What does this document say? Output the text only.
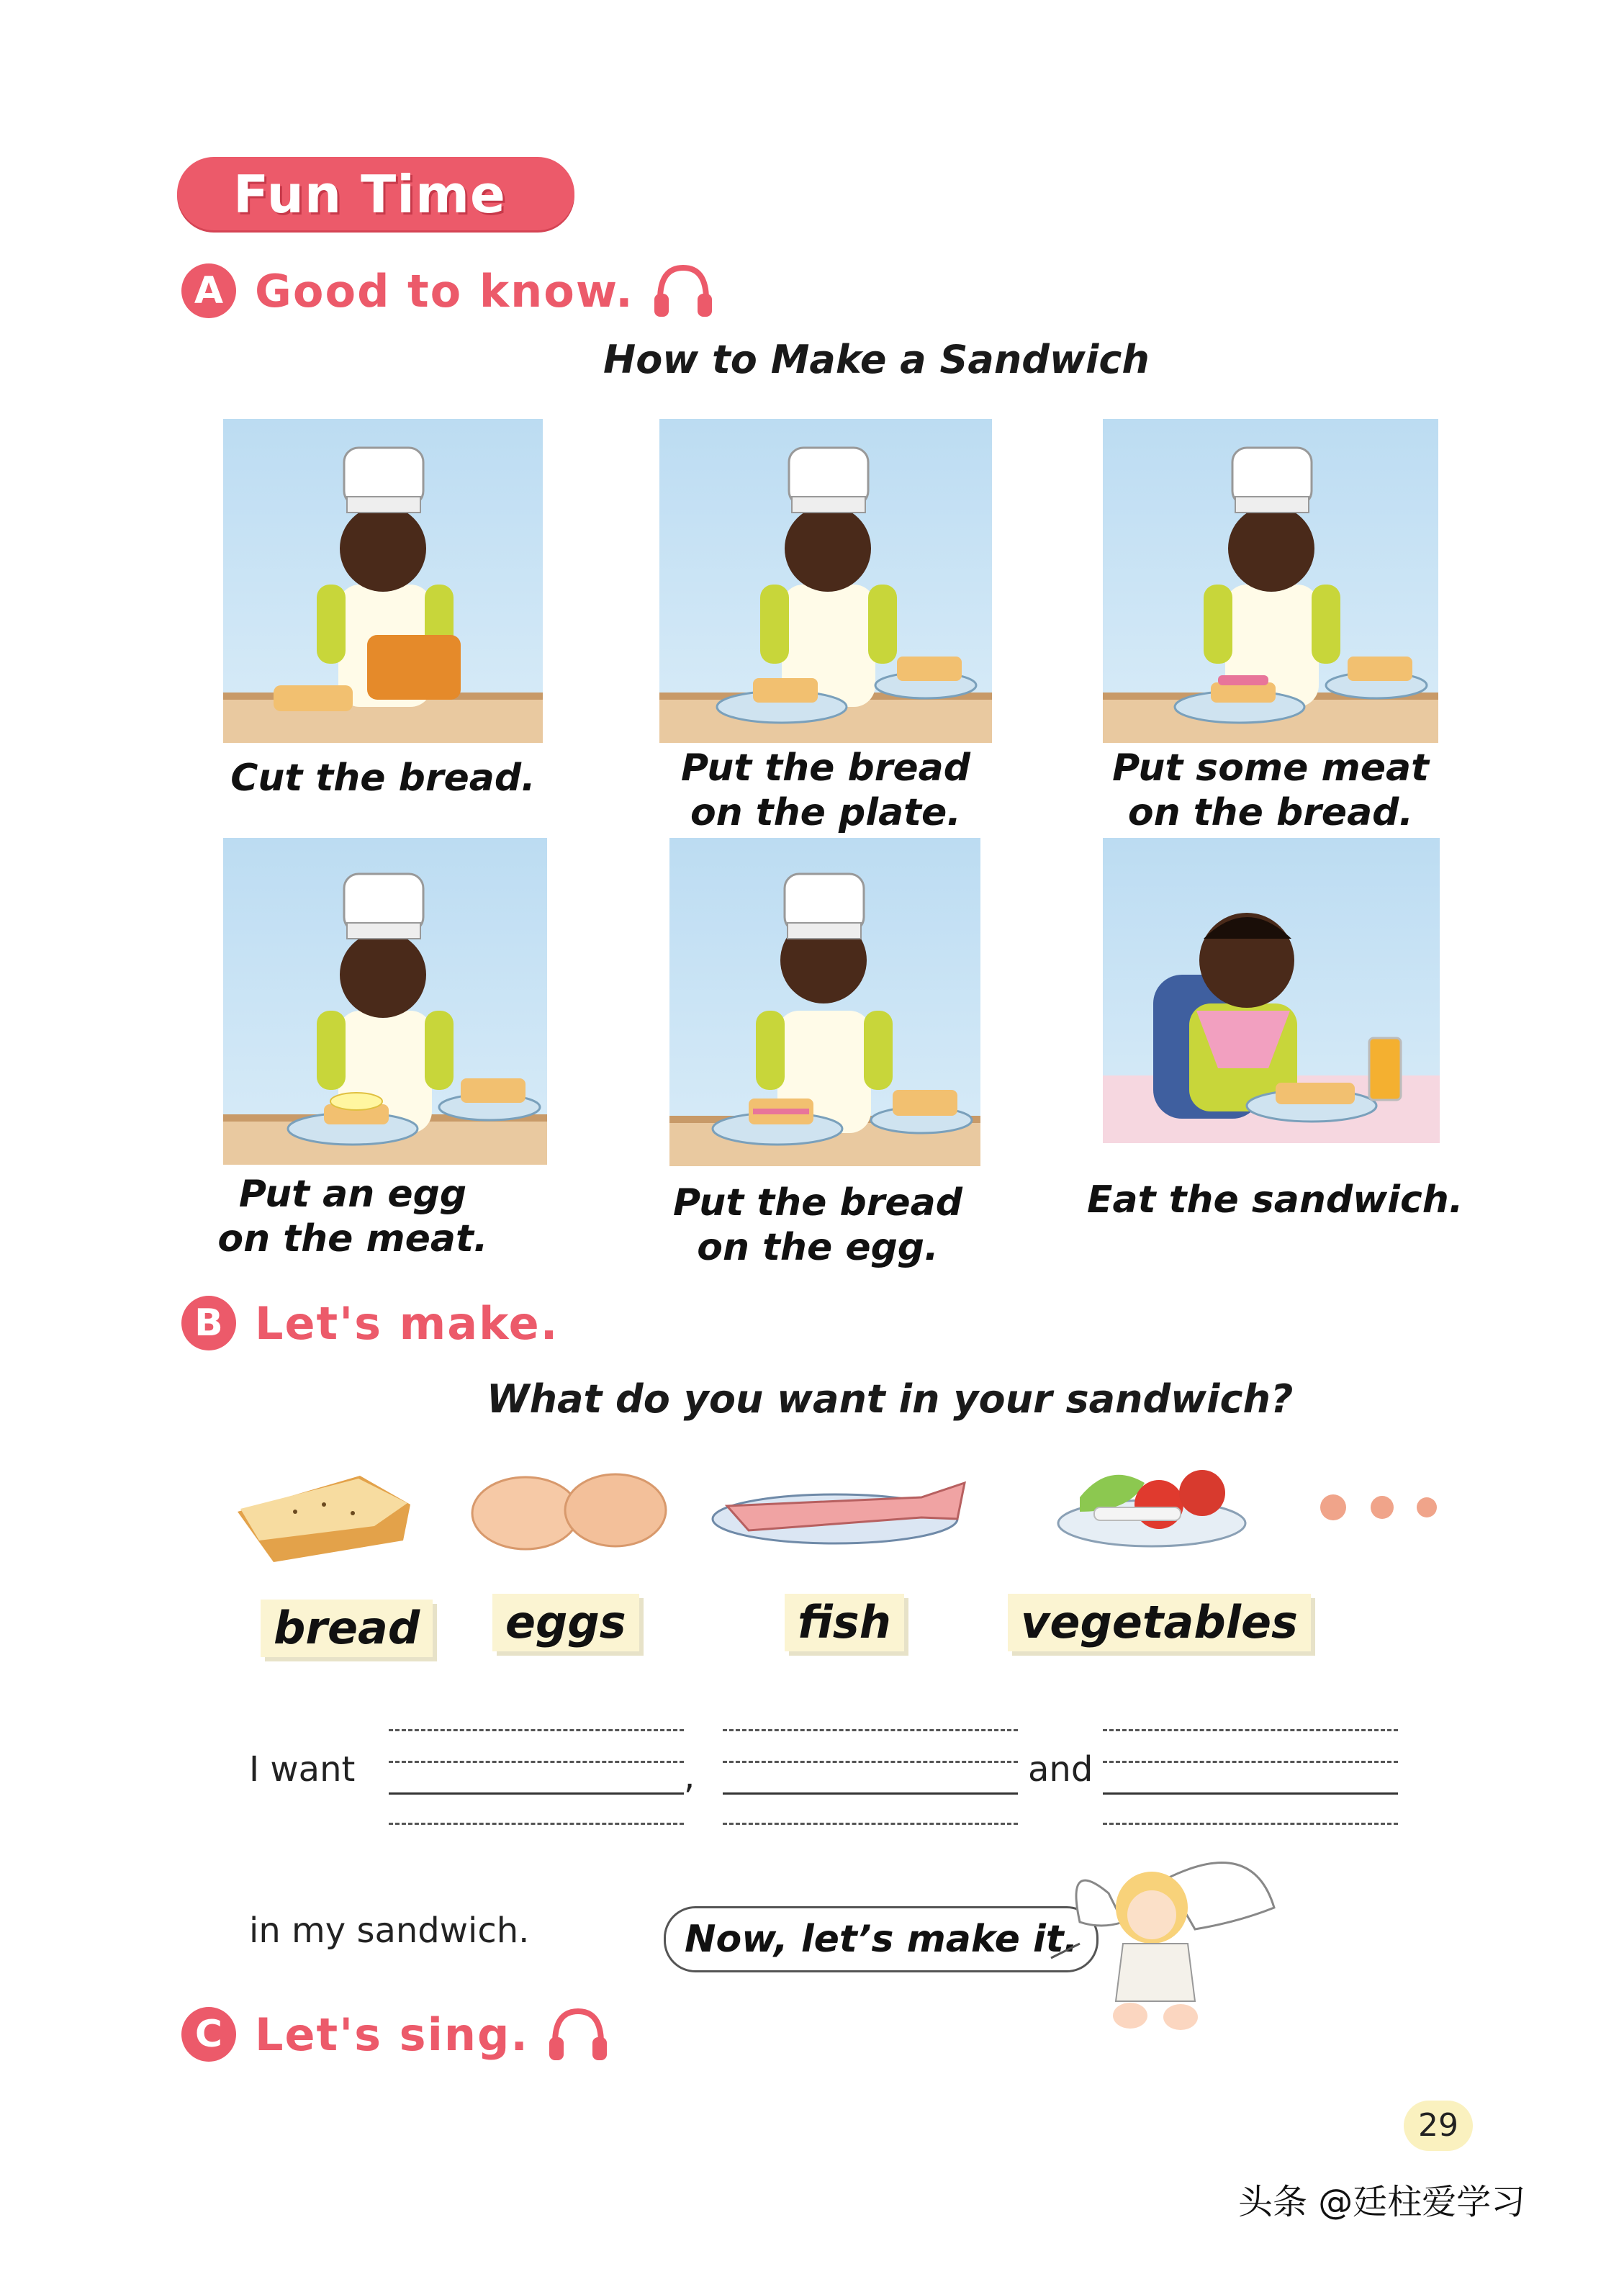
Fun Time
A Good to know.
How to Make a Sandwich
Cut the bread.	Put the bread
on the plate.
Put some meat
on the bread.
Put an egg
on the meat.
Put the bread
on the egg.
Eat the sandwich.
B Let's make.
What do you want in your sandwich?
bread eggs	fish	vegetables
I want	,	and
in my sandwich.	Now, let’s make it.
C Let's sing.
29
头条 @廷柱爱学习
